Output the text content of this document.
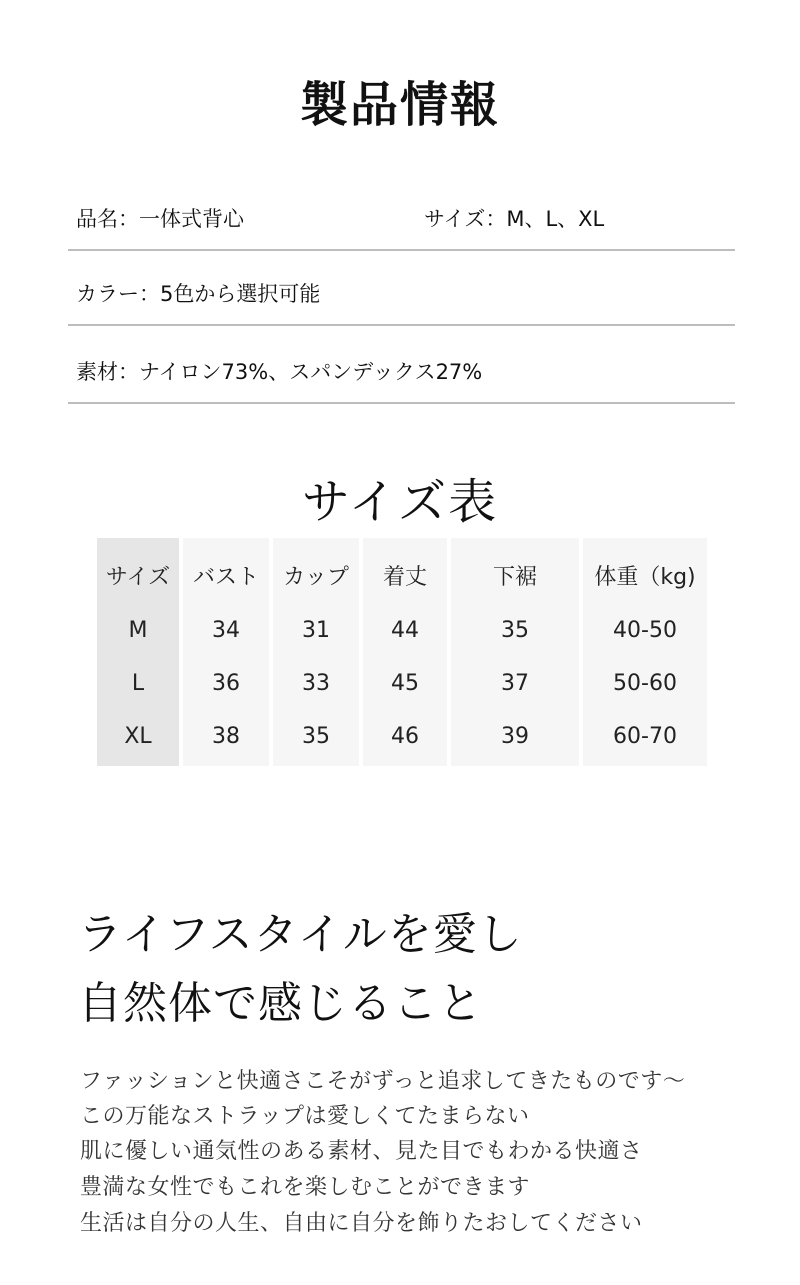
製品情報
品名：一体式背心	サイズ：M、L、XL
カラー：5色から選択可能
素材：ナイロン73%、スパンデックス27%
サイズ表
サイズ
M
L
XL
バスト
34
36
38
カップ
31
33
35
着丈
44
45
46
下裾
35
37
39
体重（kg)
40-50
50-60
60-70
ライフスタイルを愛し
自然体で感じること
ファッションと快適さこそがずっと追求してきたものです～
この万能なストラップは愛しくてたまらない
肌に優しい通気性のある素材、見た目でもわかる快適さ
豊満な女性でもこれを楽しむことができます
生活は自分の人生、自由に自分を飾りたおしてください
